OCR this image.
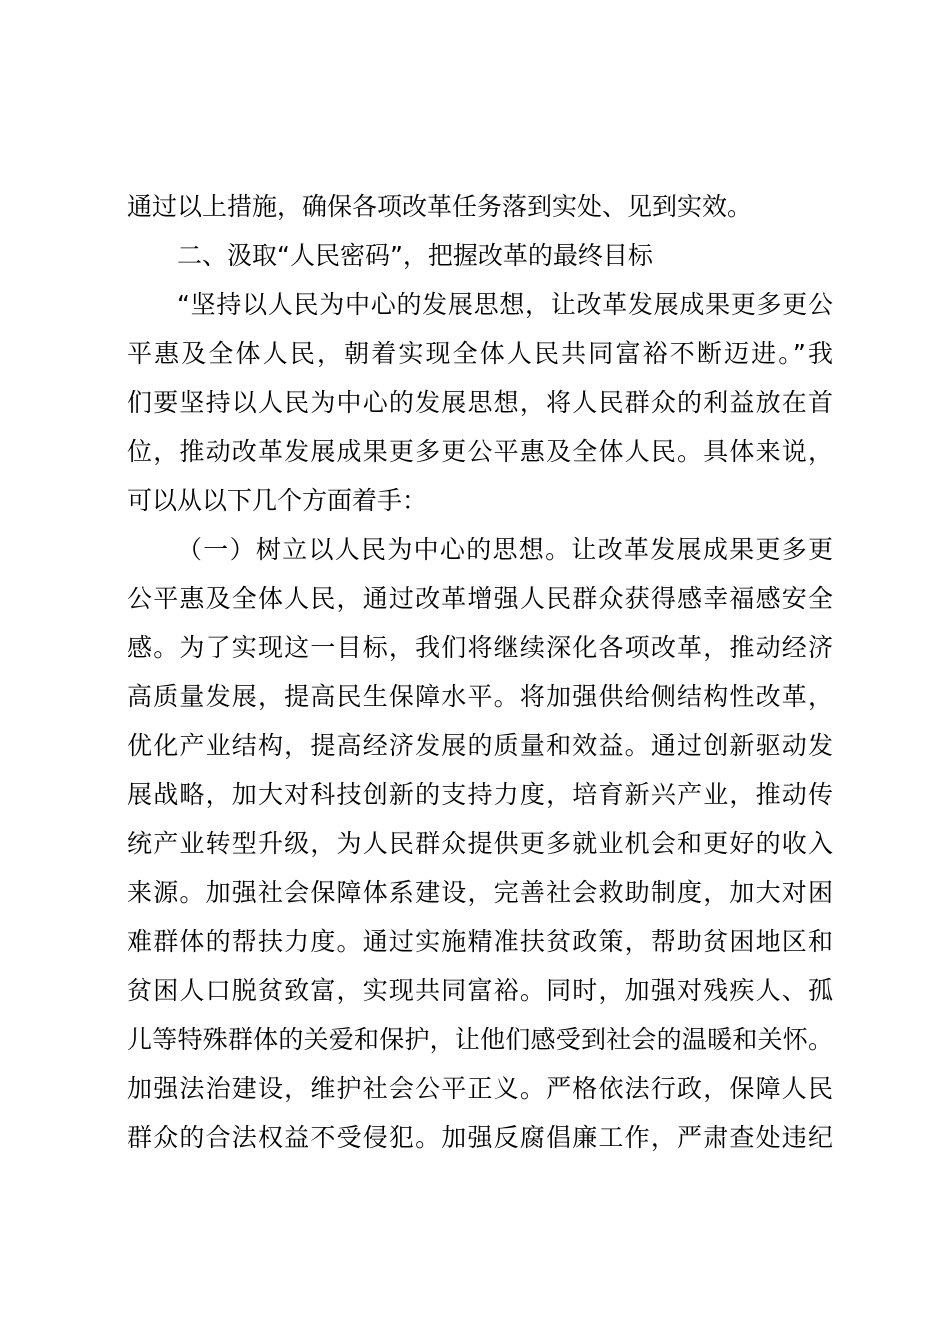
通过以上措施，确保各项改革任务落到实处、见到实效。
二、汲取“人民密码”，把握改革的最终目标
“坚持以人民为中心的发展思想，让改革发展成果更多更公
平惠及全体人民，朝着实现全体人民共同富裕不断迈进。”我
们要坚持以人民为中心的发展思想，将人民群众的利益放在首
位，推动改革发展成果更多更公平惠及全体人民。具体来说，
可以从以下几个方面着手：
（一）树立以人民为中心的思想。让改革发展成果更多更
公平惠及全体人民，通过改革增强人民群众获得感幸福感安全
感。为了实现这一目标，我们将继续深化各项改革，推动经济
高质量发展，提高民生保障水平。将加强供给侧结构性改革，
优化产业结构，提高经济发展的质量和效益。通过创新驱动发
展战略，加大对科技创新的支持力度，培育新兴产业，推动传
统产业转型升级，为人民群众提供更多就业机会和更好的收入
来源。加强社会保障体系建设，完善社会救助制度，加大对困
难群体的帮扶力度。通过实施精准扶贫政策，帮助贫困地区和
贫困人口脱贫致富，实现共同富裕。同时，加强对残疾人、孤
儿等特殊群体的关爱和保护，让他们感受到社会的温暖和关怀。
加强法治建设，维护社会公平正义。严格依法行政，保障人民
群众的合法权益不受侵犯。加强反腐倡廉工作，严肃查处违纪
